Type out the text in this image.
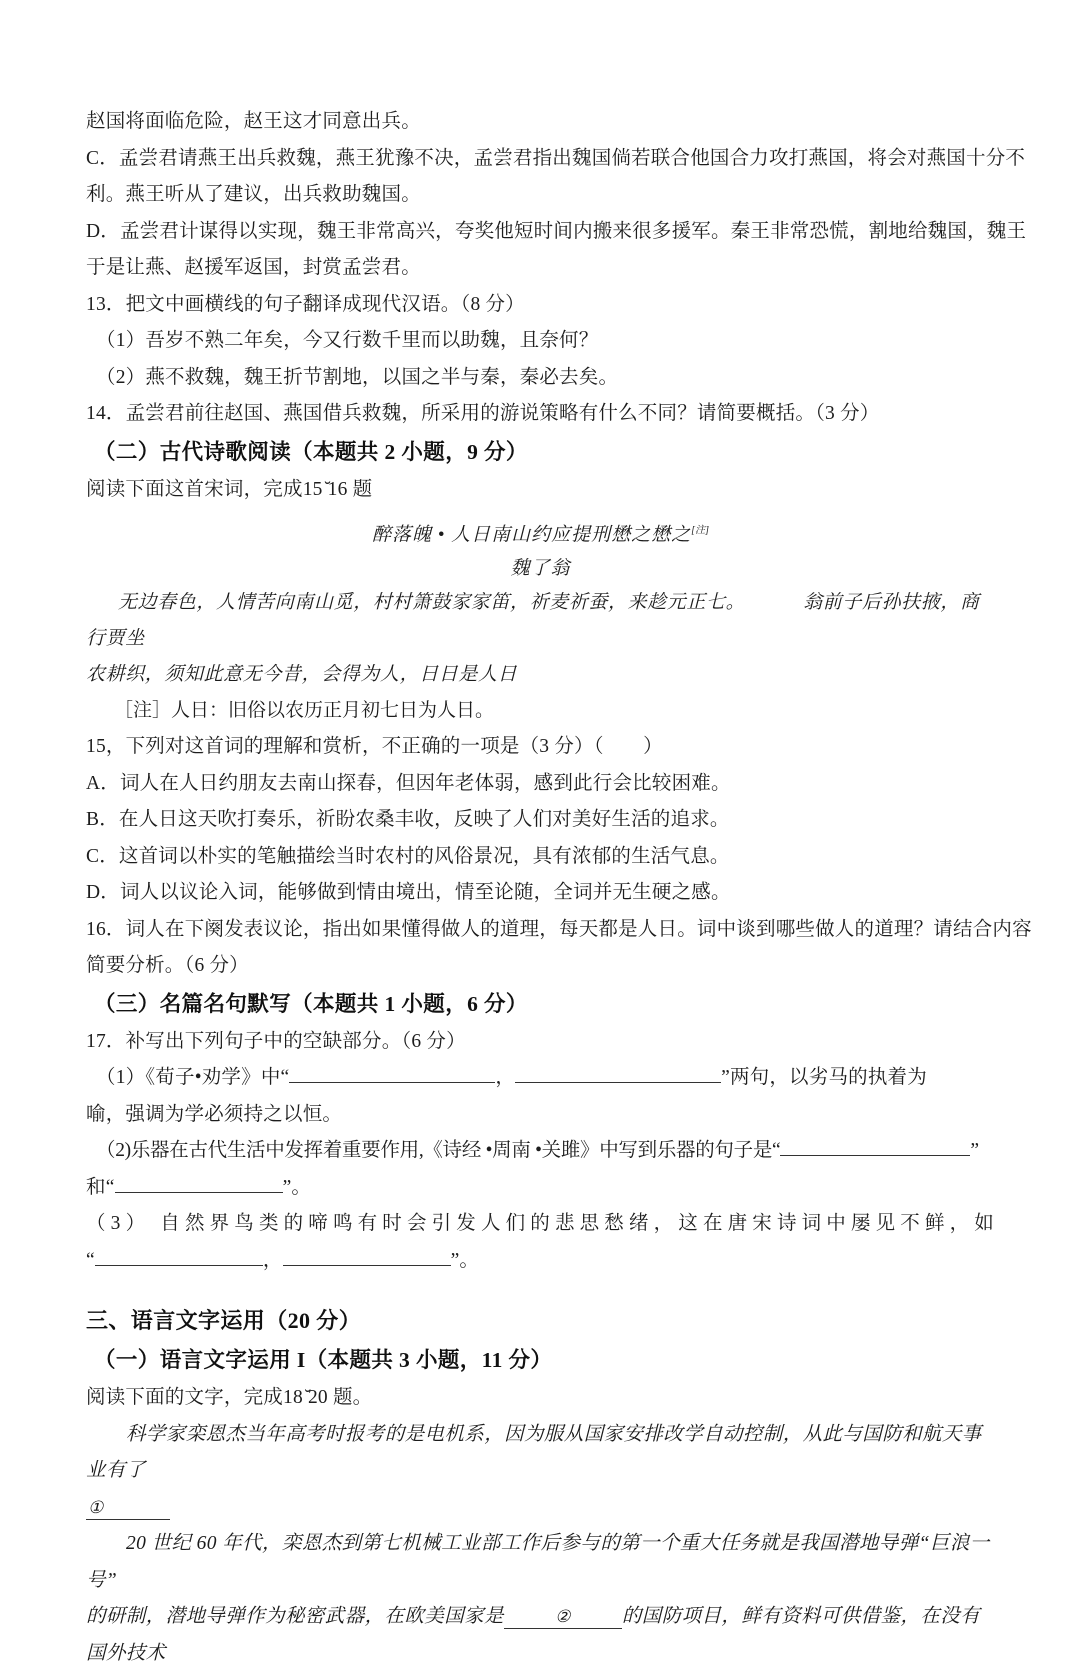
赵国将面临危险，赵王这才同意出兵。
C．孟尝君请燕王出兵救魏，燕王犹豫不决，孟尝君指出魏国倘若联合他国合力攻打燕国，将会对燕国十分不
利。燕王听从了建议，出兵救助魏国。
D．孟尝君计谋得以实现，魏王非常高兴，夸奖他短时间内搬来很多援军。秦王非常恐慌，割地给魏国，魏王
于是让燕、赵援军返国，封赏孟尝君。
13．把文中画横线的句子翻译成现代汉语。（8 分）
（1）吾岁不熟二年矣，今又行数千里而以助魏，且奈何？
（2）燕不救魏，魏王折节割地，以国之半与秦，秦必去矣。
14．孟尝君前往赵国、燕国借兵救魏，所采用的游说策略有什么不同？请简要概括。（3 分）
（二）古代诗歌阅读（本题共 2 小题，9 分）
阅读下面这首宋词，完成15 ̆16 题
醉落魄 • 人日南山约应提刑懋之懋之[注]
魏了翁
无边春色，人情苦向南山觅，村村箫鼓家家笛，祈麦祈蚕，来趁元正七。	翁前子后孙扶掖，商行贾坐
农耕织，须知此意无今昔，会得为人，日日是人日
［注］人日：旧俗以农历正月初七日为人日。
15，下列对这首词的理解和赏析，不正确的一项是（3 分）（　　）
A．词人在人日约朋友去南山探春，但因年老体弱，感到此行会比较困难。
B．在人日这天吹打奏乐，祈盼农桑丰收，反映了人们对美好生活的追求。
C．这首词以朴实的笔触描绘当时农村的风俗景况，具有浓郁的生活气息。
D．词人以议论入词，能够做到情由境出，情至论随，全词并无生硬之感。
16．词人在下阕发表议论，指出如果懂得做人的道理，每天都是人日。词中谈到哪些做人的道理？请结合内容
简要分析。（6 分）
（三）名篇名句默写（本题共 1 小题，6 分）
17．补写出下列句子中的空缺部分。（6 分）
（1）《荀子•劝学》中“	，	”两句，以劣马的执着为
喻，强调为学必须持之以恒。
（2)乐器在古代生活中发挥着重要作用,《诗经 •周南 •关雎》中写到乐器的句子是“	”
和“	”。
（3） 自然界鸟类的啼鸣有时会引发人们的悲思愁绪，这在唐宋诗词中屡见不鲜，如
“	，	”。
三、语言文字运用（20 分）
（一）语言文字运用 I（本题共 3 小题，11 分）
阅读下面的文字，完成18 ̆20 题。
科学家栾恩杰当年高考时报考的是电机系，因为服从国家安排改学自动控制，从此与国防和航天事业有了
①
20 世纪 60 年代，栾恩杰到第七机械工业部工作后参与的第一个重大任务就是我国潜地导弹“巨浪一号”
的研制，潜地导弹作为秘密武器，在欧美国家是	②	的国防项目，鲜有资料可供借鉴，在没有国外技术
